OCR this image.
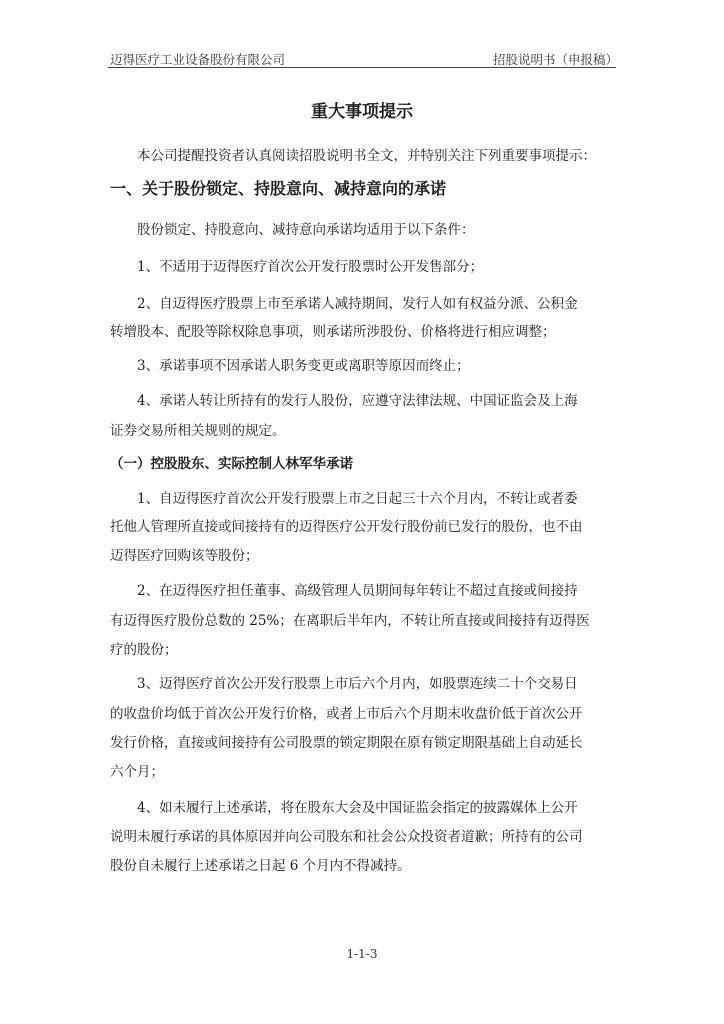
迈得医疗工业设备股份有限公司	招股说明书（申报稿）
重大事项提示
本公司提醒投资者认真阅读招股说明书全文，并特别关注下列重要事项提示：
一、关于股份锁定、持股意向、减持意向的承诺
股份锁定、持股意向、减持意向承诺均适用于以下条件：
1、不适用于迈得医疗首次公开发行股票时公开发售部分；
2、自迈得医疗股票上市至承诺人减持期间，发行人如有权益分派、公积金
转增股本、配股等除权除息事项，则承诺所涉股份、价格将进行相应调整；
3、承诺事项不因承诺人职务变更或离职等原因而终止；
4、承诺人转让所持有的发行人股份，应遵守法律法规、中国证监会及上海
证券交易所相关规则的规定。
（一）控股股东、实际控制人林军华承诺
1、自迈得医疗首次公开发行股票上市之日起三十六个月内，不转让或者委
托他人管理所直接或间接持有的迈得医疗公开发行股份前已发行的股份，也不由
迈得医疗回购该等股份；
2、在迈得医疗担任董事、高级管理人员期间每年转让不超过直接或间接持
有迈得医疗股份总数的 25%；在离职后半年内，不转让所直接或间接持有迈得医
疗的股份；
3、迈得医疗首次公开发行股票上市后六个月内，如股票连续二十个交易日
的收盘价均低于首次公开发行价格，或者上市后六个月期末收盘价低于首次公开
发行价格，直接或间接持有公司股票的锁定期限在原有锁定期限基础上自动延长
六个月；
4、如未履行上述承诺，将在股东大会及中国证监会指定的披露媒体上公开
说明未履行承诺的具体原因并向公司股东和社会公众投资者道歉；所持有的公司
股份自未履行上述承诺之日起 6 个月内不得减持。
1-1-3
